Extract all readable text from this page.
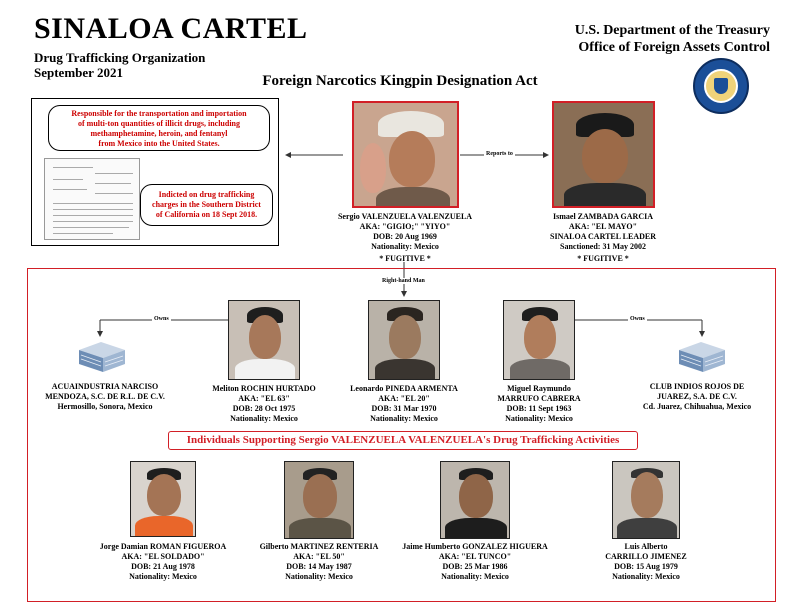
SINALOA CARTEL
Drug Trafficking Organization
September 2021
U.S. Department of the Treasury
Office of Foreign Assets Control
Foreign Narcotics Kingpin Designation Act
Reports to
Right-hand Man
Owns	Owns
Responsible for the transportation and importation
of multi-ton quantities of illicit drugs, including
methamphetamine, heroin, and fentanyl
from Mexico into the United States.
Indicted on drug trafficking
charges in the Southern District
of California on 18 Sept 2018.	Sergio VALENZUELA VALENZUELA
AKA: "GIGIO;" "YIYO"
DOB: 20 Aug 1969
Nationality: Mexico
* FUGITIVE *
Ismael ZAMBADA GARCIA
AKA: "EL MAYO"
SINALOA CARTEL LEADER
Sanctioned: 31 May 2002
* FUGITIVE *
ACUAINDUSTRIA NARCISO
MENDOZA, S.C. DE R.L. DE C.V.
Hermosillo, Sonora, Mexico
CLUB INDIOS ROJOS DE
JUAREZ, S.A. DE C.V.
Cd. Juarez, Chihuahua, Mexico
Meliton ROCHIN HURTADO
AKA: "EL 63"
DOB: 28 Oct 1975
Nationality: Mexico
Leonardo PINEDA ARMENTA
AKA: "EL 20"
DOB: 31 Mar 1970
Nationality: Mexico
Miguel Raymundo
MARRUFO CABRERA
DOB: 11 Sept 1963
Nationality: Mexico
Individuals Supporting Sergio VALENZUELA VALENZUELA's Drug Trafficking Activities
Jorge Damian ROMAN FIGUEROA
AKA: "EL SOLDADO"
DOB: 21 Aug 1978
Nationality: Mexico
Gilberto MARTINEZ RENTERIA
AKA: "EL 50"
DOB: 14 May 1987
Nationality: Mexico
Jaime Humberto GONZALEZ HIGUERA
AKA: "EL TUNCO"
DOB: 25 Mar 1986
Nationality: Mexico
Luis Alberto
CARRILLO JIMENEZ
DOB: 15 Aug 1979
Nationality: Mexico
